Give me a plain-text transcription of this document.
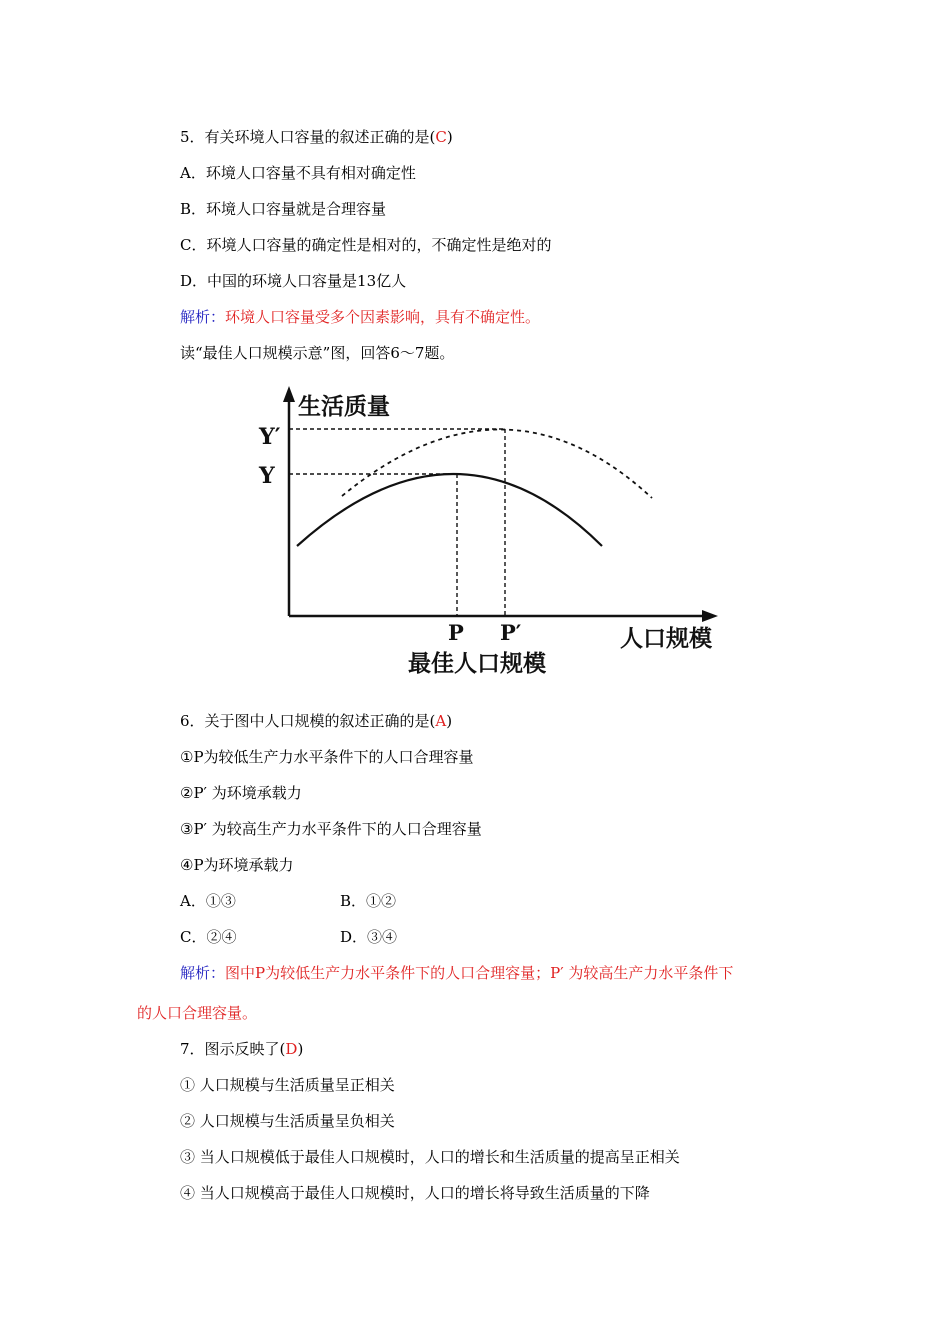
5．有关环境人口容量的叙述正确的是(C)
A．环境人口容量不具有相对确定性
B．环境人口容量就是合理容量
C．环境人口容量的确定性是相对的，不确定性是绝对的
D．中国的环境人口容量是13亿人
解析：环境人口容量受多个因素影响，具有不确定性。
读“最佳人口规模示意”图，回答6～7题。
生活质量
Y′
Y
P P′	人口规模
最佳人口规模
6．关于图中人口规模的叙述正确的是(A)
①P为较低生产力水平条件下的人口合理容量
②P′ 为环境承载力
③P′ 为较高生产力水平条件下的人口合理容量
④P为环境承载力
A．①③	B．①②
C．②④	D．③④
解析：图中P为较低生产力水平条件下的人口合理容量；P′ 为较高生产力水平条件下
的人口合理容量。
7．图示反映了(D)
① 人口规模与生活质量呈正相关
② 人口规模与生活质量呈负相关
③ 当人口规模低于最佳人口规模时，人口的增长和生活质量的提高呈正相关
④ 当人口规模高于最佳人口规模时，人口的增长将导致生活质量的下降
